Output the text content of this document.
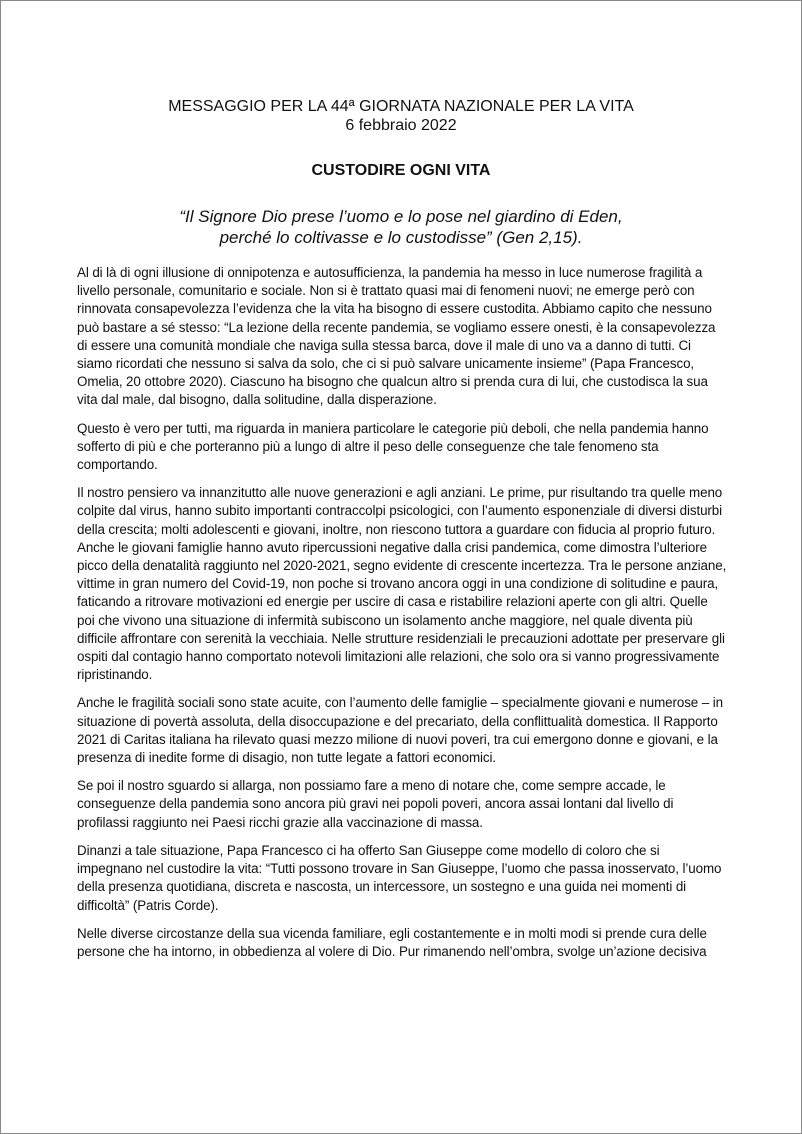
MESSAGGIO PER LA 44ª GIORNATA NAZIONALE PER LA VITA
6 febbraio 2022
CUSTODIRE OGNI VITA
“Il Signore Dio prese l’uomo e lo pose nel giardino di Eden,
perché lo coltivasse e lo custodisse” (Gen 2,15).

Al di là di ogni illusione di onnipotenza e autosufficienza, la pandemia ha messo in luce numerose fragilità a livello personale, comunitario e sociale. Non si è trattato quasi mai di fenomeni nuovi; ne emerge però con rinnovata consapevolezza l’evidenza che la vita ha bisogno di essere custodita. Abbiamo capito che nessuno può bastare a sé stesso: “La lezione della recente pandemia, se vogliamo essere onesti, è la consapevolezza di essere una comunità mondiale che naviga sulla stessa barca, dove il male di uno va a danno di tutti. Ci siamo ricordati che nessuno si salva da solo, che ci si può salvare unicamente insieme” (Papa Francesco, Omelia, 20 ottobre 2020). Ciascuno ha bisogno che qualcun altro si prenda cura di lui, che custodisca la sua vita dal male, dal bisogno, dalla solitudine, dalla disperazione.

Questo è vero per tutti, ma riguarda in maniera particolare le categorie più deboli, che nella pandemia hanno sofferto di più e che porteranno più a lungo di altre il peso delle conseguenze che tale fenomeno sta comportando.

Il nostro pensiero va innanzitutto alle nuove generazioni e agli anziani. Le prime, pur risultando tra quelle meno colpite dal virus, hanno subito importanti contraccolpi psicologici, con l’aumento esponenziale di diversi disturbi della crescita; molti adolescenti e giovani, inoltre, non riescono tuttora a guardare con fiducia al proprio futuro. Anche le giovani famiglie hanno avuto ripercussioni negative dalla crisi pandemica, come dimostra l’ulteriore picco della denatalità raggiunto nel 2020-2021, segno evidente di crescente incertezza. Tra le persone anziane, vittime in gran numero del Covid-19, non poche si trovano ancora oggi in una condizione di solitudine e paura, faticando a ritrovare motivazioni ed energie per uscire di casa e ristabilire relazioni aperte con gli altri. Quelle poi che vivono una situazione di infermità subiscono un isolamento anche maggiore, nel quale diventa più difficile affrontare con serenità la vecchiaia. Nelle strutture residenziali le precauzioni adottate per preservare gli ospiti dal contagio hanno comportato notevoli limitazioni alle relazioni, che solo ora si vanno progressivamente ripristinando.

Anche le fragilità sociali sono state acuite, con l’aumento delle famiglie – specialmente giovani e numerose – in situazione di povertà assoluta, della disoccupazione e del precariato, della conflittualità domestica. Il Rapporto 2021 di Caritas italiana ha rilevato quasi mezzo milione di nuovi poveri, tra cui emergono donne e giovani, e la presenza di inedite forme di disagio, non tutte legate a fattori economici.

Se poi il nostro sguardo si allarga, non possiamo fare a meno di notare che, come sempre accade, le conseguenze della pandemia sono ancora più gravi nei popoli poveri, ancora assai lontani dal livello di profilassi raggiunto nei Paesi ricchi grazie alla vaccinazione di massa.

Dinanzi a tale situazione, Papa Francesco ci ha offerto San Giuseppe come modello di coloro che si impegnano nel custodire la vita: “Tutti possono trovare in San Giuseppe, l’uomo che passa inosservato, l’uomo della presenza quotidiana, discreta e nascosta, un intercessore, un sostegno e una guida nei momenti di difficoltà” (Patris Corde).

Nelle diverse circostanze della sua vicenda familiare, egli costantemente e in molti modi si prende cura delle persone che ha intorno, in obbedienza al volere di Dio. Pur rimanendo nell’ombra, svolge un’azione decisiva
